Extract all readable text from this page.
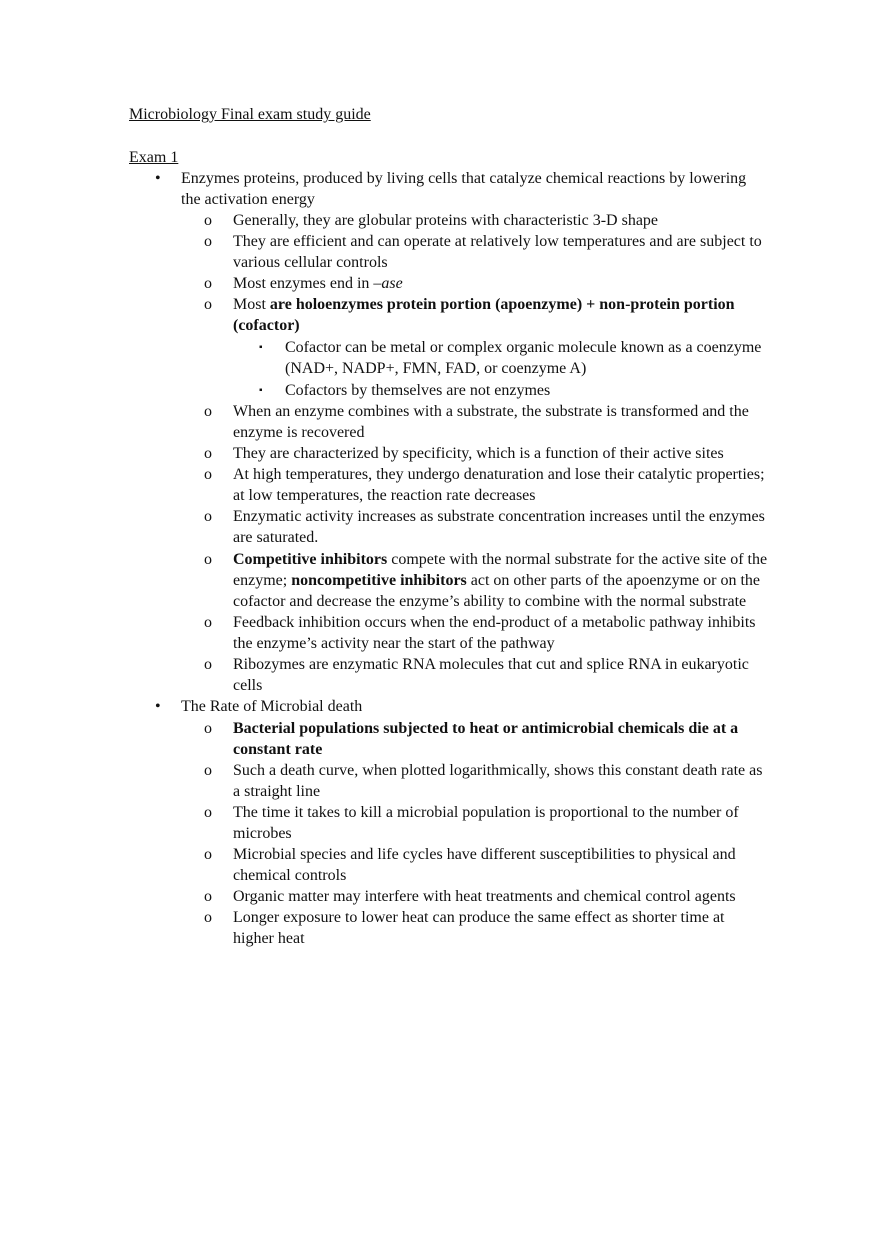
Microbiology Final exam study guide
Exam 1
• Enzymes proteins, produced by living cells that catalyze chemical reactions by lowering the activation energy
o Generally, they are globular proteins with characteristic 3-D shape
o They are efficient and can operate at relatively low temperatures and are subject to various cellular controls
o Most enzymes end in –ase
o Most are holoenzymes protein portion (apoenzyme) + non-protein portion (cofactor)
▪ Cofactor can be metal or complex organic molecule known as a coenzyme (NAD+, NADP+, FMN, FAD, or coenzyme A)
▪ Cofactors by themselves are not enzymes
o When an enzyme combines with a substrate, the substrate is transformed and the enzyme is recovered
o They are characterized by specificity, which is a function of their active sites
o At high temperatures, they undergo denaturation and lose their catalytic properties; at low temperatures, the reaction rate decreases
o Enzymatic activity increases as substrate concentration increases until the enzymes are saturated.
o Competitive inhibitors compete with the normal substrate for the active site of the enzyme; noncompetitive inhibitors act on other parts of the apoenzyme or on the cofactor and decrease the enzyme’s ability to combine with the normal substrate
o Feedback inhibition occurs when the end-product of a metabolic pathway inhibits the enzyme’s activity near the start of the pathway
o Ribozymes are enzymatic RNA molecules that cut and splice RNA in eukaryotic cells
• The Rate of Microbial death
o Bacterial populations subjected to heat or antimicrobial chemicals die at a constant rate
o Such a death curve, when plotted logarithmically, shows this constant death rate as a straight line
o The time it takes to kill a microbial population is proportional to the number of microbes
o Microbial species and life cycles have different susceptibilities to physical and chemical controls
o Organic matter may interfere with heat treatments and chemical control agents
o Longer exposure to lower heat can produce the same effect as shorter time at higher heat
